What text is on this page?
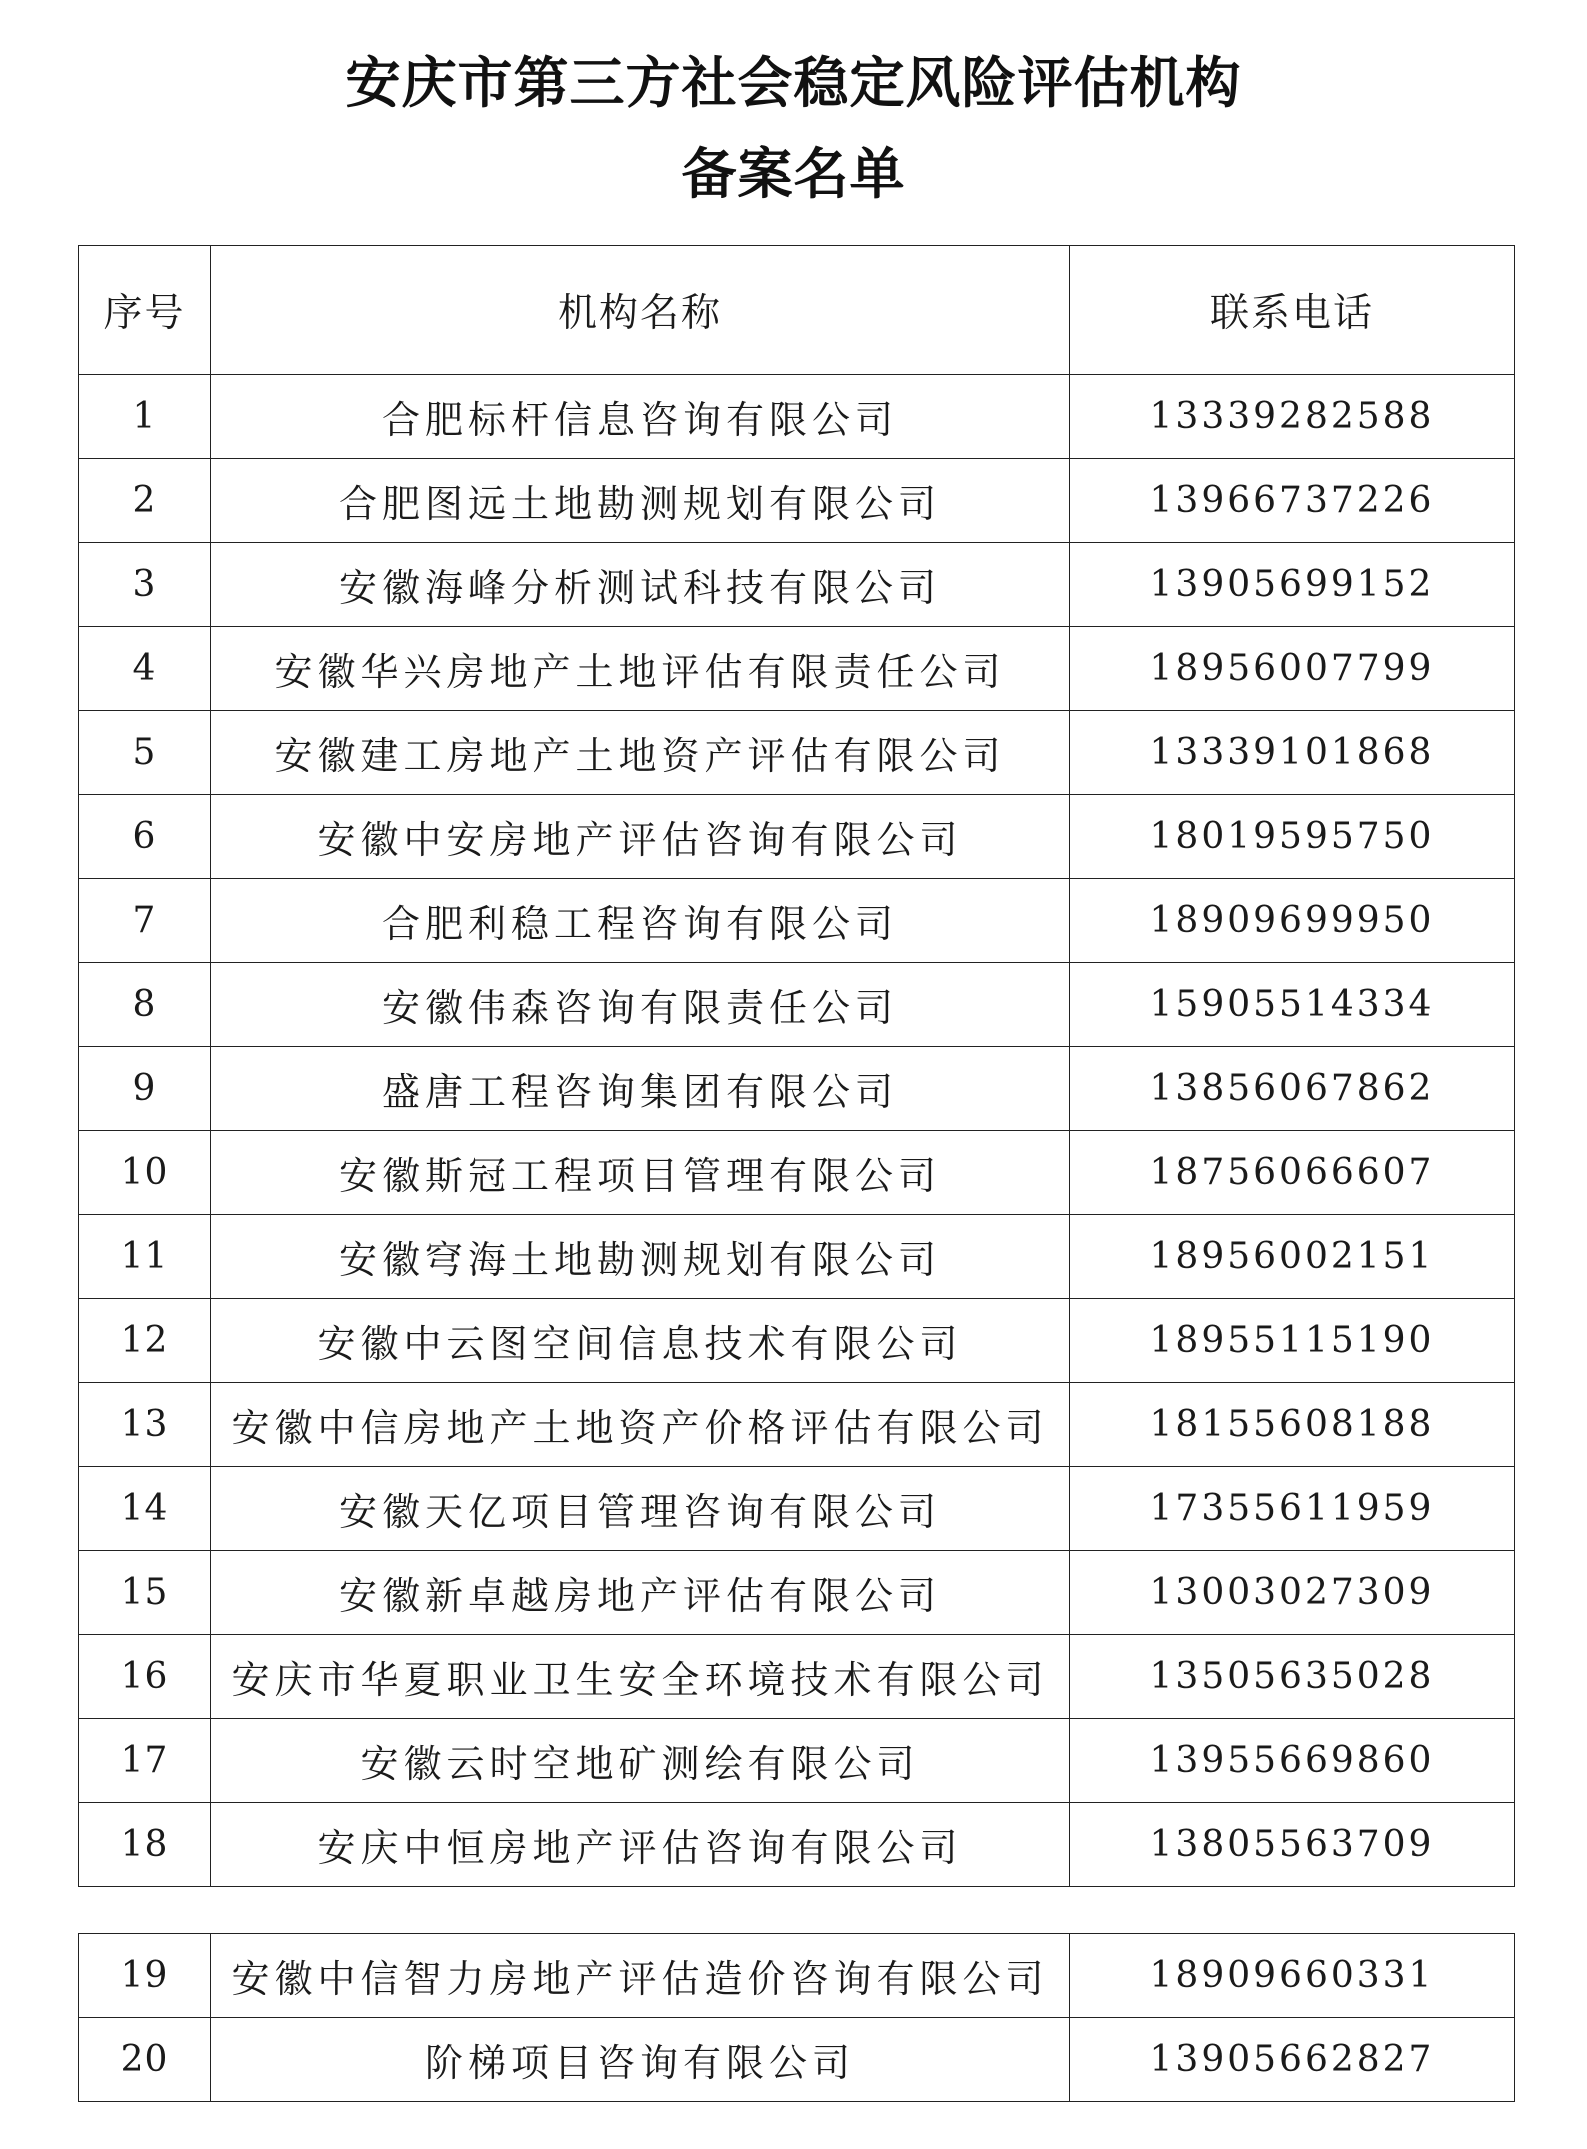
安庆市第三方社会稳定风险评估机构
备案名单
序号	机构名称	联系电话
1	合肥标杆信息咨询有限公司	13339282588
2	合肥图远土地勘测规划有限公司	13966737226
3	安徽海峰分析测试科技有限公司	13905699152
4	安徽华兴房地产土地评估有限责任公司	18956007799
5	安徽建工房地产土地资产评估有限公司	13339101868
6	安徽中安房地产评估咨询有限公司	18019595750
7	合肥利稳工程咨询有限公司	18909699950
8	安徽伟森咨询有限责任公司	15905514334
9	盛唐工程咨询集团有限公司	13856067862
10	安徽斯冠工程项目管理有限公司	18756066607
11	安徽穹海土地勘测规划有限公司	18956002151
12	安徽中云图空间信息技术有限公司	18955115190
13	安徽中信房地产土地资产价格评估有限公司	18155608188
14	安徽天亿项目管理咨询有限公司	17355611959
15	安徽新卓越房地产评估有限公司	13003027309
16	安庆市华夏职业卫生安全环境技术有限公司	13505635028
17	安徽云时空地矿测绘有限公司	13955669860
18	安庆中恒房地产评估咨询有限公司	13805563709
19	安徽中信智力房地产评估造价咨询有限公司	18909660331
20	阶梯项目咨询有限公司	13905662827
